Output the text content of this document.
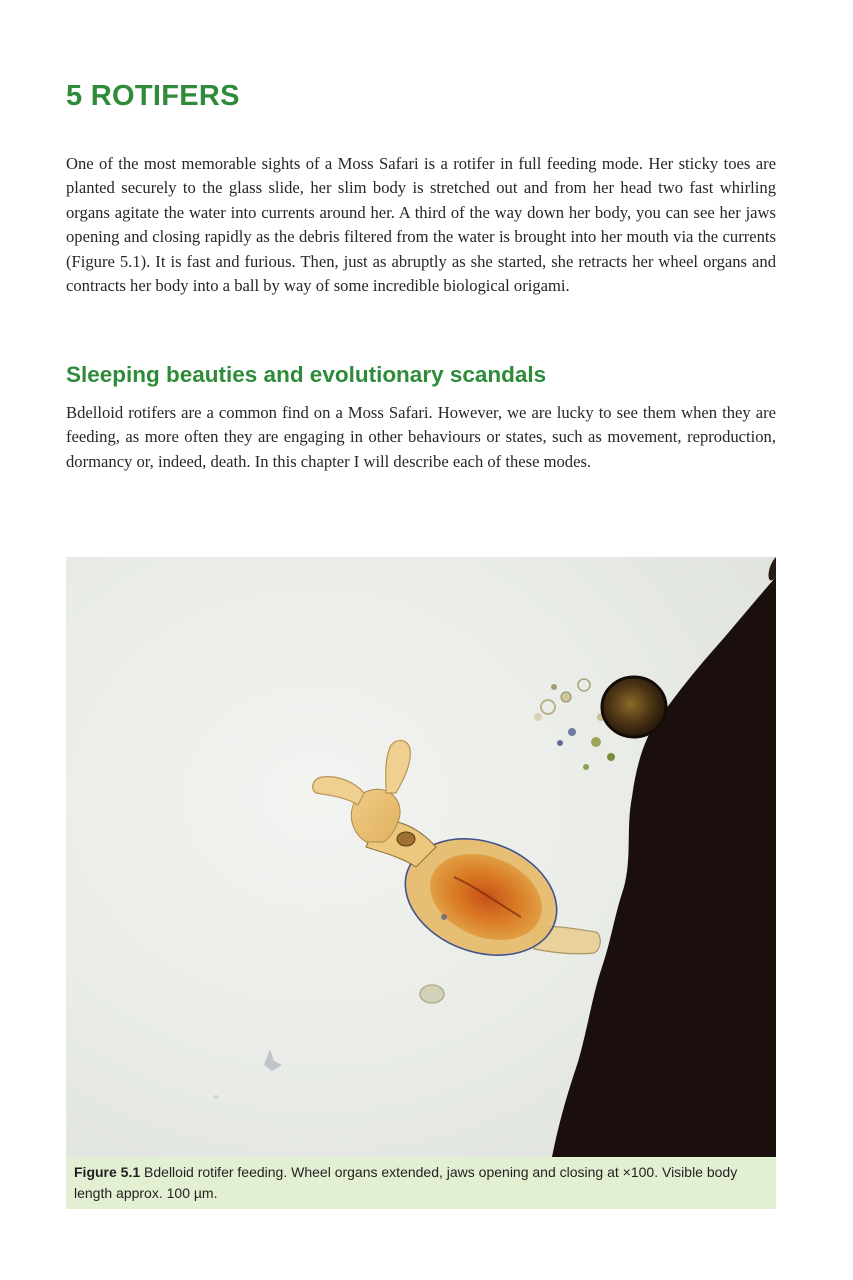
5 ROTIFERS

One of the most memorable sights of a Moss Safari is a rotifer in full feeding mode. Her sticky toes are planted securely to the glass slide, her slim body is stretched out and from her head two fast whirling organs agitate the water into currents around her. A third of the way down her body, you can see her jaws opening and closing rapidly as the debris filtered from the water is brought into her mouth via the currents (Figure 5.1). It is fast and furious. Then, just as abruptly as she started, she retracts her wheel organs and contracts her body into a ball by way of some incredible biological origami.

Sleeping beauties and evolutionary scandals

Bdelloid rotifers are a common find on a Moss Safari. However, we are lucky to see them when they are feeding, as more often they are engaging in other behaviours or states, such as movement, reproduction, dormancy or, indeed, death. In this chapter I will describe each of these modes.

Figure 5.1 Bdelloid rotifer feeding. Wheel organs extended, jaws opening and closing at ×100. Visible body length approx. 100 µm.
